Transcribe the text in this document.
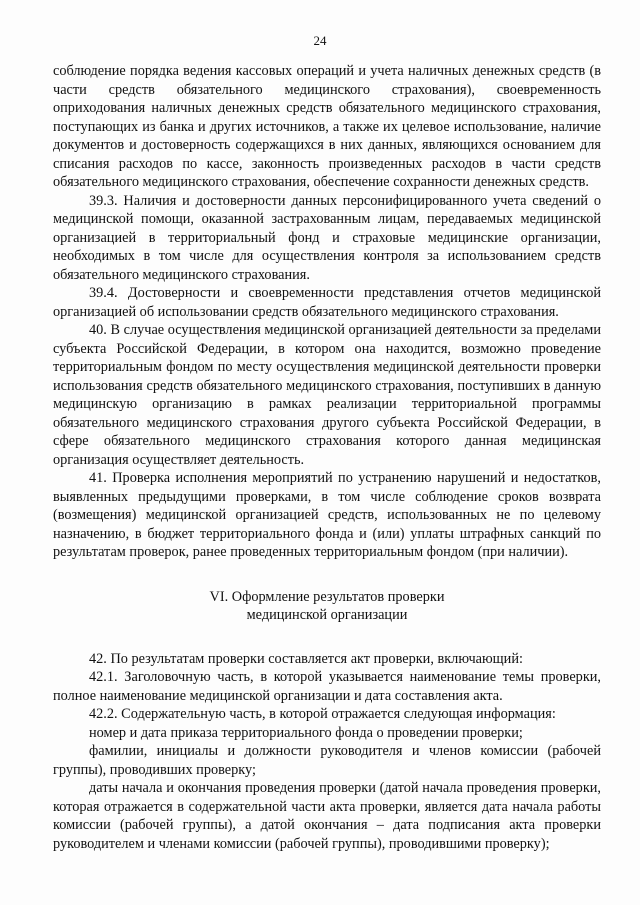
24

соблюдение порядка ведения кассовых операций и учета наличных денежных средств (в части средств обязательного медицинского страхования), своевременность оприходования наличных денежных средств обязательного медицинского страхования, поступающих из банка и других источников, а также их целевое использование, наличие документов и достоверность содержащихся в них данных, являющихся основанием для списания расходов по кассе, законность произведенных расходов в части средств обязательного медицинского страхования, обеспечение сохранности денежных средств.

39.3. Наличия и достоверности данных персонифицированного учета сведений о медицинской помощи, оказанной застрахованным лицам, передаваемых медицинской организацией в территориальный фонд и страховые медицинские организации, необходимых в том числе для осуществления контроля за использованием средств обязательного медицинского страхования.

39.4. Достоверности и своевременности представления отчетов медицинской организацией об использовании средств обязательного медицинского страхования.

40. В случае осуществления медицинской организацией деятельности за пределами субъекта Российской Федерации, в котором она находится, возможно проведение территориальным фондом по месту осуществления медицинской деятельности проверки использования средств обязательного медицинского страхования, поступивших в данную медицинскую организацию в рамках реализации территориальной программы обязательного медицинского страхования другого субъекта Российской Федерации, в сфере обязательного медицинского страхования которого данная медицинская организация осуществляет деятельность.

41. Проверка исполнения мероприятий по устранению нарушений и недостатков, выявленных предыдущими проверками, в том числе соблюдение сроков возврата (возмещения) медицинской организацией средств, использованных не по целевому назначению, в бюджет территориального фонда и (или) уплаты штрафных санкций по результатам проверок, ранее проведенных территориальным фондом (при наличии).

VI. Оформление результатов проверки
медицинской организации

42. По результатам проверки составляется акт проверки, включающий:

42.1. Заголовочную часть, в которой указывается наименование темы проверки, полное наименование медицинской организации и дата составления акта.

42.2. Содержательную часть, в которой отражается следующая информация:

номер и дата приказа территориального фонда о проведении проверки;

фамилии, инициалы и должности руководителя и членов комиссии (рабочей группы), проводивших проверку;

даты начала и окончания проведения проверки (датой начала проведения проверки, которая отражается в содержательной части акта проверки, является дата начала работы комиссии (рабочей группы), а датой окончания – дата подписания акта проверки руководителем и членами комиссии (рабочей группы), проводившими проверку);
